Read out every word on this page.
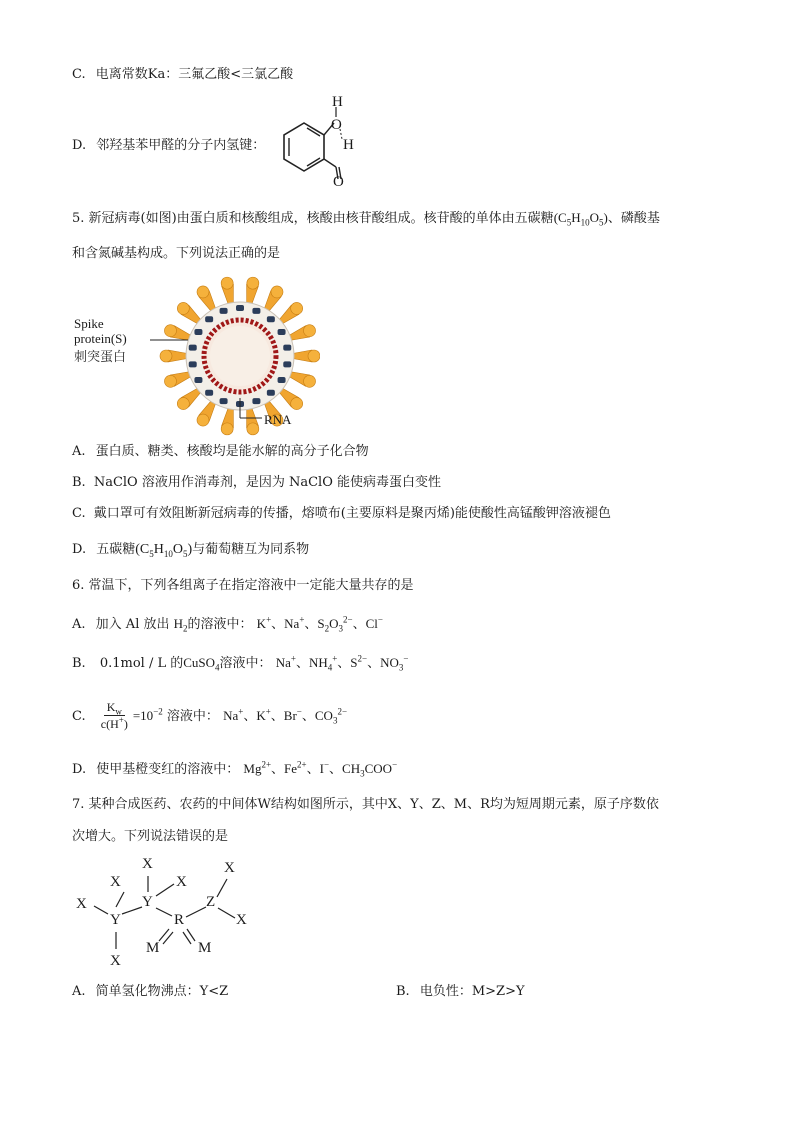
C. 电离常数Ka：三氟乙酸<三氯乙酸
D. 邻羟基苯甲醛的分子内氢键：
H
O
H
O
5. 新冠病毒(如图)由蛋白质和核酸组成，核酸由核苷酸组成。核苷酸的单体由五碳糖$(C_5H_{10}O_5)$、磷酸基
和含氮碱基构成。下列说法正确的是
Spike
protein(S)
刺突蛋白
RNA
A. 蛋白质、糖类、核酸均是能水解的高分子化合物
B. NaClO 溶液用作消毒剂，是因为 NaClO 能使病毒蛋白变性
C. 戴口罩可有效阻断新冠病毒的传播，熔喷布(主要原料是聚丙烯)能使酸性高锰酸钾溶液褪色
D. 五碳糖$(C_5H_{10}O_5)$与葡萄糖互为同系物
6. 常温下，下列各组离子在指定溶液中一定能大量共存的是
A. 加入 Al 放出 $H_2$的溶液中： K+、Na+、$S_2O_3^{2-}$、Cl−
B. 0.1mol / L 的CuSO$_4$溶液中： Na+、$NH_4^+$、$S^{2-}$、$NO_3^-$
C. $\frac{K_w}{c(H^+)} =10^{-2}$ 溶液中： Na+、K+、Br−、$CO_3^{2-}$
D. 使甲基橙变红的溶液中： $Mg^{2+}$、$Fe^{2+}$、I−、$CH_3COO^-$
7. 某种合成医药、农药的中间体W结构如图所示，其中X、Y、Z、M、R均为短周期元素，原子序数依
次增大。下列说法错误的是
X
X
X
X
X
X
X
Y
Y
R
Z
M	M
A. 简单氢化物沸点：Y<Z	B. 电负性：M>Z>Y
